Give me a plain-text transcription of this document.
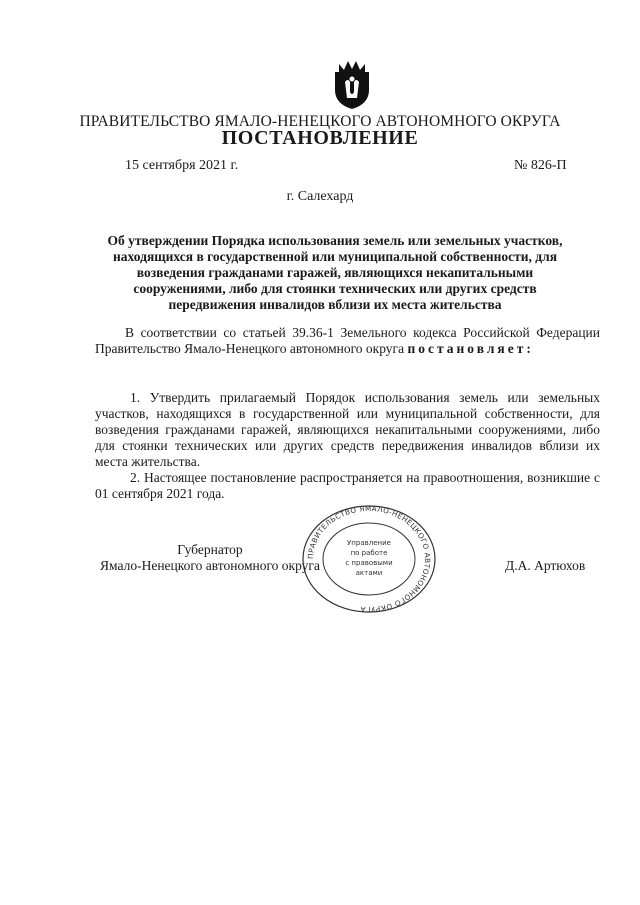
ПРАВИТЕЛЬСТВО ЯМАЛО-НЕНЕЦКОГО АВТОНОМНОГО ОКРУГА
ПОСТАНОВЛЕНИЕ
15 сентября 2021 г.	№ 826-П
г. Салехард
Об утверждении Порядка использования земель или земельных участков,
находящихся в государственной или муниципальной собственности, для
возведения гражданами гаражей, являющихся некапитальными
сооружениями, либо для стоянки технических или других средств
передвижения инвалидов вблизи их места жительства
В соответствии со статьей 39.36-1 Земельного кодекса Российской Федерации Правительство Ямало-Ненецкого автономного округа постановляет:
1. Утвердить прилагаемый Порядок использования земель или земельных участков, находящихся в государственной или муниципальной собственности, для возведения гражданами гаражей, являющихся некапитальными сооружениями, либо для стоянки технических или других средств передвижения инвалидов вблизи их места жительства.
2. Настоящее постановление распространяется на правоотношения, возникшие с 01 сентября 2021 года.
Губернатор
Ямало-Ненецкого автономного округа	Д.А. Артюхов
ПРАВИТЕЛЬСТВО ЯМАЛО-НЕНЕЦКОГО АВТОНОМНОГО ОКРУГА
Управление
по работе
с правовыми
актами
